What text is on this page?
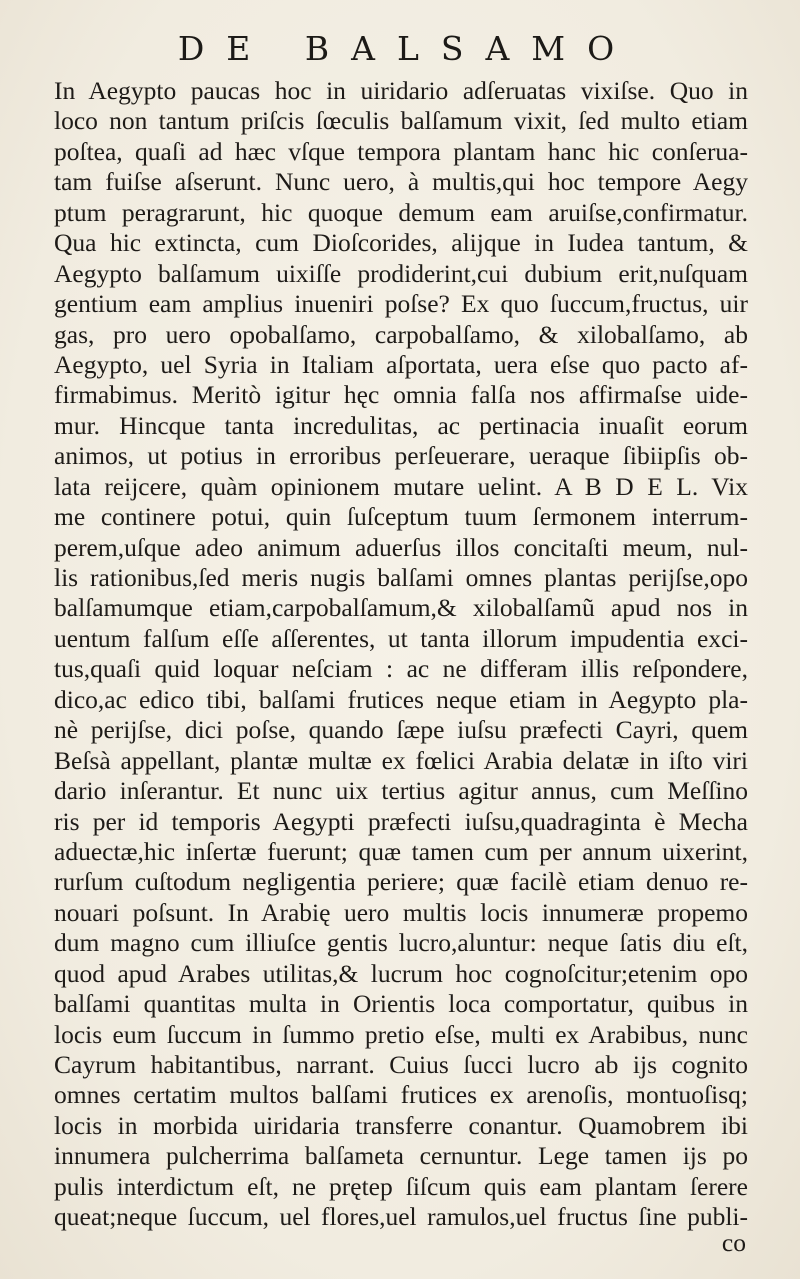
DE BALSAMO
In Aegypto paucas hoc in uiridario adſeruatas vixiſse. Quo in
loco non tantum priſcis ſœculis balſamum vixit, ſed multo etiam
poſtea, quaſi ad hæc vſque tempora plantam hanc hic conſerua-
tam fuiſse aſserunt. Nunc uero, à multis,qui hoc tempore Aegy
ptum peragrarunt, hic quoque demum eam aruiſse,confirmatur.
Qua hic extincta, cum Dioſcorides, alijque in Iudea tantum, &
Aegypto balſamum uixiſſe prodiderint,cui dubium erit,nuſquam
gentium eam amplius inueniri poſse? Ex quo ſuccum,fructus, uir
gas, pro uero opobalſamo, carpobalſamo, & xilobalſamo, ab
Aegypto, uel Syria in Italiam aſportata, uera eſse quo pacto af-
firmabimus. Meritò igitur hęc omnia falſa nos affirmaſse uide-
mur. Hincque tanta incredulitas, ac pertinacia inuaſit eorum
animos, ut potius in erroribus perſeuerare, ueraque ſibiipſis ob-
lata reijcere, quàm opinionem mutare uelint. A B D E L. Vix
me continere potui, quin ſuſceptum tuum ſermonem interrum-
perem,uſque adeo animum aduerſus illos concitaſti meum, nul-
lis rationibus,ſed meris nugis balſami omnes plantas perijſse,opo
balſamumque etiam,carpobalſamum,& xilobalſamũ apud nos in
uentum falſum eſſe aſſerentes, ut tanta illorum impudentia exci-
tus,quaſi quid loquar neſciam : ac ne differam illis reſpondere,
dico,ac edico tibi, balſami frutices neque etiam in Aegypto pla-
nè perijſse, dici poſse, quando ſæpe iuſsu præfecti Cayri, quem
Beſsà appellant, plantæ multæ ex fœlici Arabia delatæ in iſto viri
dario inſerantur. Et nunc uix tertius agitur annus, cum Meſſino
ris per id temporis Aegypti præfecti iuſsu,quadraginta è Mecha
aduectæ,hic inſertæ fuerunt; quæ tamen cum per annum uixerint,
rurſum cuſtodum negligentia periere; quæ facilè etiam denuo re-
nouari poſsunt. In Arabię uero multis locis innumeræ propemo
dum magno cum illiuſce gentis lucro,aluntur: neque ſatis diu eſt,
quod apud Arabes utilitas,& lucrum hoc cognoſcitur;etenim opo
balſami quantitas multa in Orientis loca comportatur, quibus in
locis eum ſuccum in ſummo pretio eſse, multi ex Arabibus, nunc
Cayrum habitantibus, narrant. Cuius ſucci lucro ab ijs cognito
omnes certatim multos balſami frutices ex arenoſis, montuoſisq;
locis in morbida uiridaria transferre conantur. Quamobrem ibi
innumera pulcherrima balſameta cernuntur. Lege tamen ijs po
pulis interdictum eſt, ne prętер ſiſcum quis eam plantam ſerere
queat;neque ſuccum, uel flores,uel ramulos,uel fructus ſine publi-
co
